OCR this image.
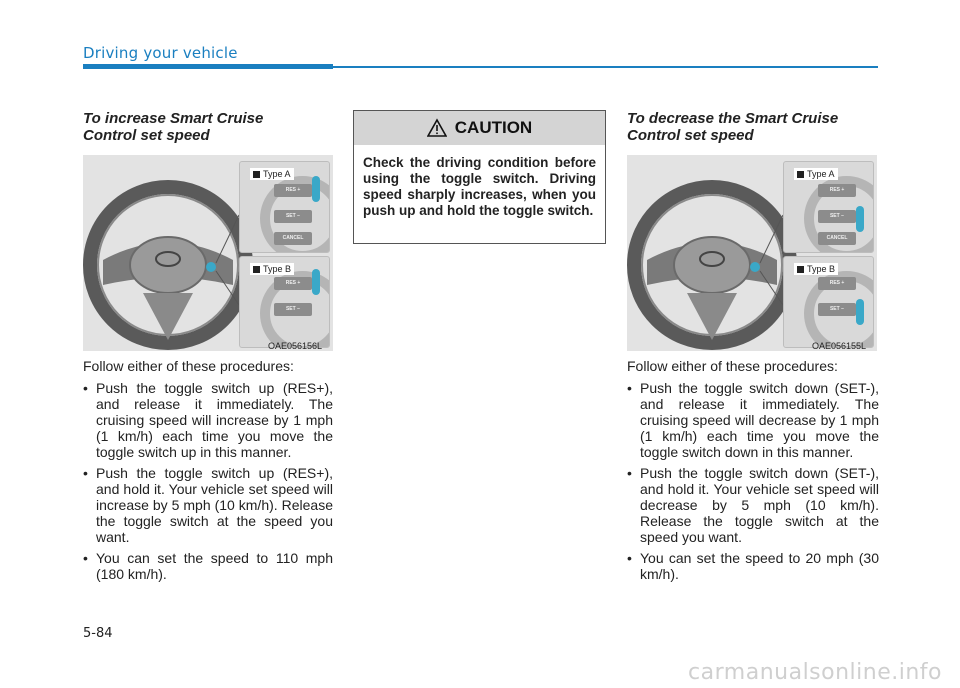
Driving your vehicle
To increase Smart Cruise
Control set speed
RES +
SET −
CANCEL
Type A
RES +
SET −
Type B
OAE056156L
Follow either of these procedures:
• Push the toggle switch up (RES+), and release it immediately. The cruising speed will increase by 1 mph (1 km/h) each time you move the toggle switch up in this manner.
• Push the toggle switch up (RES+), and hold it. Your vehicle set speed will increase by 5 mph (10 km/h). Release the toggle switch at the speed you want.
• You can set the speed to 110 mph (180 km/h).
CAUTION
Check the driving condition before using the toggle switch. Driving speed sharply increases, when you push up and hold the toggle switch.
To decrease the Smart Cruise
Control set speed
RES +
SET −
CANCEL
Type A
RES +
SET −
Type B
OAE056155L
Follow either of these procedures:
• Push the toggle switch down (SET-), and release it immediately. The cruising speed will decrease by 1 mph (1 km/h) each time you move the toggle switch down in this manner.
• Push the toggle switch down (SET-), and hold it. Your vehicle set speed will decrease by 5 mph (10 km/h). Release the toggle switch at the speed you want.
• You can set the speed to 20 mph (30 km/h).
5-84
carmanualsonline.info
